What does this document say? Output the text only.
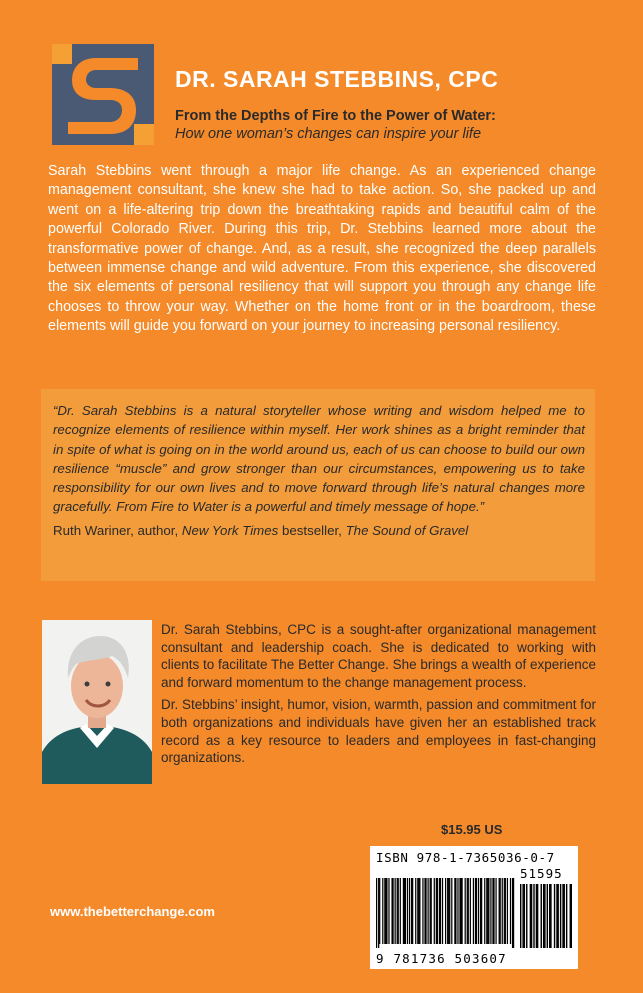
DR. SARAH STEBBINS, CPC
From the Depths of Fire to the Power of Water:
How one woman’s changes can inspire your life

Sarah Stebbins went through a major life change. As an experienced change management consultant, she knew she had to take action. So, she packed up and went on a life-altering trip down the breathtaking rapids and beautiful calm of the powerful Colorado River. During this trip, Dr. Stebbins learned more about the transformative power of change. And, as a result, she recognized the deep parallels between immense change and wild adventure. From this experience, she discovered the six elements of personal resiliency that will support you through any change life chooses to throw your way. Whether on the home front or in the boardroom, these elements will guide you forward on your journey to increasing personal resiliency.

“Dr. Sarah Stebbins is a natural storyteller whose writing and wisdom helped me to recognize elements of resilience within myself. Her work shines as a bright reminder that in spite of what is going on in the world around us, each of us can choose to build our own resilience “muscle” and grow stronger than our circumstances, empowering us to take responsibility for our own lives and to move forward through life’s natural changes more gracefully. From Fire to Water is a powerful and timely message of hope.”

Ruth Wariner, author, New York Times bestseller, The Sound of Gravel

Dr. Sarah Stebbins, CPC is a sought-after organizational management consultant and leadership coach. She is dedicated to working with clients to facilitate The Better Change. She brings a wealth of experience and forward momentum to the change management process.

Dr. Stebbins’ insight, humor, vision, warmth, passion and commitment for both organizations and individuals have given her an established track record as a key resource to leaders and employees in fast-changing organizations.

$15.95 US
ISBN 978-1-7365036-0-7
51595
9 781736 503607
www.thebetterchange.com
